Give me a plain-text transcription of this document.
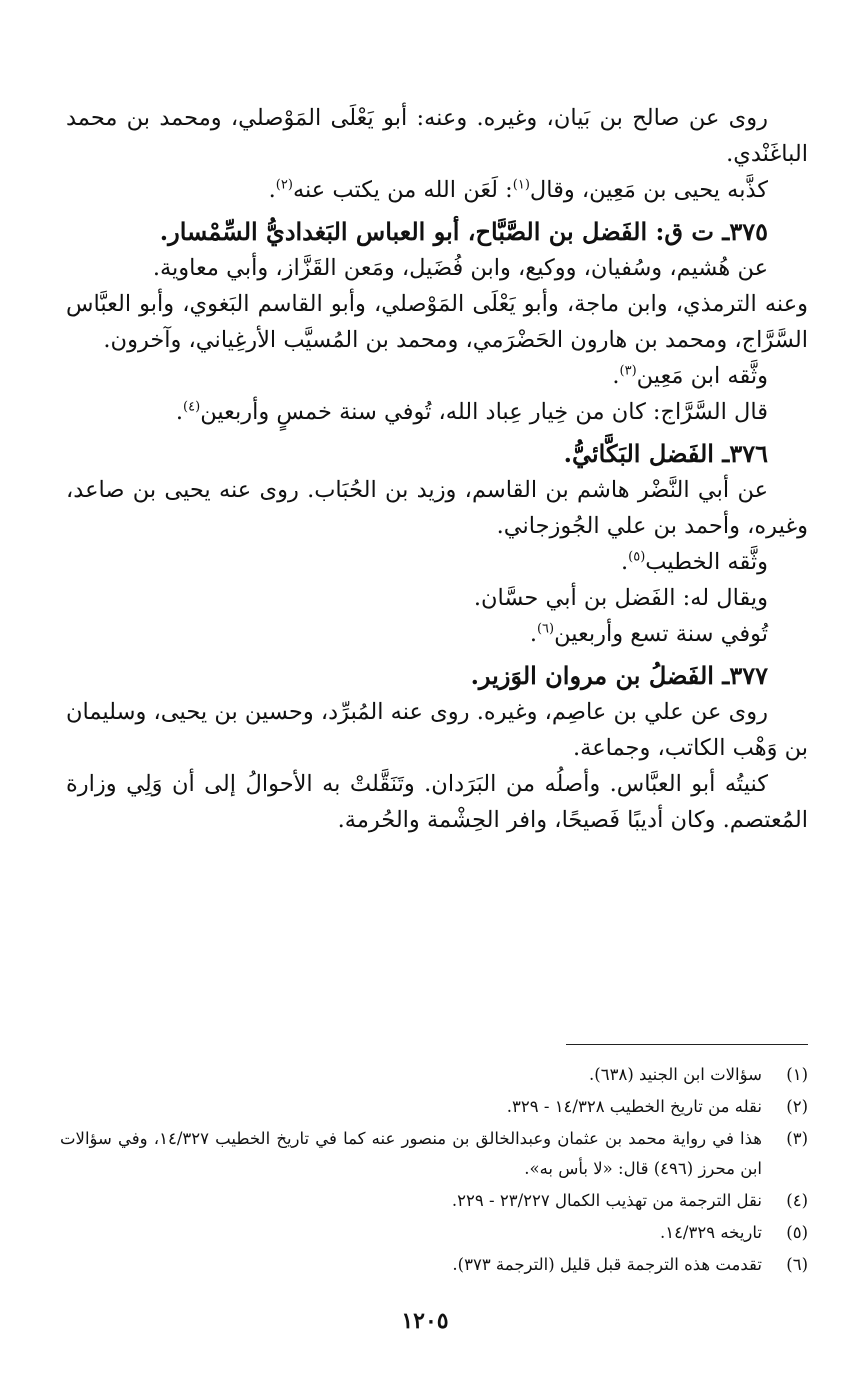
روى عن صالح بن بَيان، وغيره. وعنه: أبو يَعْلَى المَوْصلي، ومحمد بن محمد الباغَنْدي.

كذَّبه يحيى بن مَعِين، وقال$^{(١)}$: لَعَن الله من يكتب عنه$^{(٢)}$.

٣٧٥ـ ت ق: الفَضل بن الصَّبَّاح، أبو العباس البَغداديُّ السِّمْسار.

عن هُشيم، وسُفيان، ووكيع، وابن فُضَيل، ومَعن القَزَّاز، وأبي معاوية.

وعنه الترمذي، وابن ماجة، وأبو يَعْلَى المَوْصلي، وأبو القاسم البَغوي، وأبو العبَّاس السَّرَّاج، ومحمد بن هارون الحَضْرَمي، ومحمد بن المُسيَّب الأرغِياني، وآخرون.

وثَّقه ابن مَعِين$^{(٣)}$.

قال السَّرَّاج: كان من خِيار عِباد الله، تُوفي سنة خمسٍ وأربعين$^{(٤)}$.

٣٧٦ـ الفَضل البَكَّائيُّ.

عن أبي النَّضْر هاشم بن القاسم، وزيد بن الحُبَاب. روى عنه يحيى بن صاعد، وغيره، وأحمد بن علي الجُوزجاني.

وثَّقه الخطيب$^{(٥)}$.

ويقال له: الفَضل بن أبي حسَّان.

تُوفي سنة تسع وأربعين$^{(٦)}$.

٣٧٧ـ الفَضلُ بن مروان الوَزير.

روى عن علي بن عاصِم، وغيره. روى عنه المُبرِّد، وحسين بن يحيى، وسليمان بن وَهْب الكاتب، وجماعة.

كنيتُه أبو العبَّاس. وأصلُه من البَرَدان. وتَنَقَّلتْ به الأحوالُ إلى أن وَلِي وزارة المُعتصم. وكان أديبًا فَصيحًا، وافر الحِشْمة والحُرمة.

(١)
سؤالات ابن الجنيد (٦٣٨).
(٢)
نقله من تاريخ الخطيب ١٤/٣٢٨ - ٣٢٩.
(٣)
هذا في رواية محمد بن عثمان وعبدالخالق بن منصور عنه كما في تاريخ الخطيب ١٤/٣٢٧، وفي سؤالات ابن محرز (٤٩٦) قال: «لا بأس به».
(٤)
نقل الترجمة من تهذيب الكمال ٢٣/٢٢٧ - ٢٢٩.
(٥)
تاريخه ١٤/٣٢٩.
(٦)
تقدمت هذه الترجمة قبل قليل (الترجمة ٣٧٣).
١٢٠٥
